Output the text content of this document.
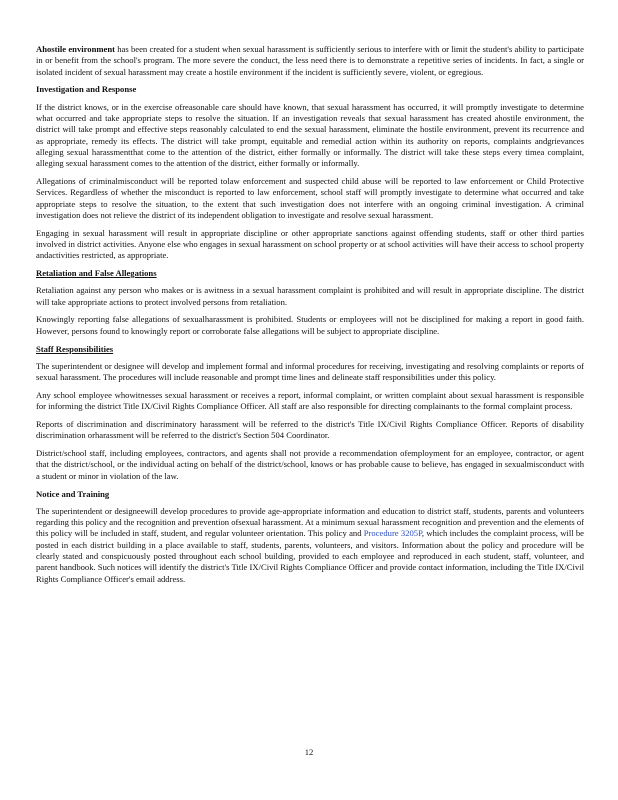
Ahostile environment has been created for a student when sexual harassment is sufficiently serious to interfere with or limit the student's ability to participate in or benefit from the school's program. The more severe the conduct, the less need there is to demonstrate a repetitive series of incidents. In fact, a single or isolated incident of sexual harassment may create a hostile environment if the incident is sufficiently severe, violent, or egregious.

Investigation and Response

If the district knows, or in the exercise ofreasonable care should have known, that sexual harassment has occurred, it will promptly investigate to determine what occurred and take appropriate steps to resolve the situation. If an investigation reveals that sexual harassment has created ahostile environment, the district will take prompt and effective steps reasonably calculated to end the sexual harassment, eliminate the hostile environment, prevent its recurrence and as appropriate, remedy its effects. The district will take prompt, equitable and remedial action within its authority on reports, complaints andgrievances alleging sexual harassmentthat come to the attention of the district, either formally or informally. The district will take these steps every timea complaint, alleging sexual harassment comes to the attention of the district, either formally or informally.

Allegations of criminalmisconduct will be reported tolaw enforcement and suspected child abuse will be reported to law enforcement or Child Protective Services. Regardless of whether the misconduct is reported to law enforcement, school staff will promptly investigate to determine what occurred and take appropriate steps to resolve the situation, to the extent that such investigation does not interfere with an ongoing criminal investigation. A criminal investigation does not relieve the district of its independent obligation to investigate and resolve sexual harassment.

Engaging in sexual harassment will result in appropriate discipline or other appropriate sanctions against offending students, staff or other third parties involved in district activities. Anyone else who engages in sexual harassment on school property or at school activities will have their access to school property andactivities restricted, as appropriate.

Retaliation and False Allegations

Retaliation against any person who makes or is awitness in a sexual harassment complaint is prohibited and will result in appropriate discipline. The district will take appropriate actions to protect involved persons from retaliation.

Knowingly reporting false allegations of sexualharassment is prohibited. Students or employees will not be disciplined for making a report in good faith. However, persons found to knowingly report or corroborate false allegations will be subject to appropriate discipline.

Staff Responsibilities

The superintendent or designee will develop and implement formal and informal procedures for receiving, investigating and resolving complaints or reports of sexual harassment. The procedures will include reasonable and prompt time lines and delineate staff responsibilities under this policy.

Any school employee whowitnesses sexual harassment or receives a report, informal complaint, or written complaint about sexual harassment is responsible for informing the district Title IX/Civil Rights Compliance Officer. All staff are also responsible for directing complainants to the formal complaint process.

Reports of discrimination and discriminatory harassment will be referred to the district's Title IX/Civil Rights Compliance Officer. Reports of disability discrimination orharassment will be referred to the district's Section 504 Coordinator.

District/school staff, including employees, contractors, and agents shall not provide a recommendation ofemployment for an employee, contractor, or agent that the district/school, or the individual acting on behalf of the district/school, knows or has probable cause to believe, has engaged in sexualmisconduct with a student or minor in violation of the law.

Notice and Training

The superintendent or designeewill develop procedures to provide age-appropriate information and education to district staff, students, parents and volunteers regarding this policy and the recognition and prevention ofsexual harassment. At a minimum sexual harassment recognition and prevention and the elements of this policy will be included in staff, student, and regular volunteer orientation. This policy and Procedure 3205P, which includes the complaint process, will be posted in each district building in a place available to staff, students, parents, volunteers, and visitors. Information about the policy and procedure will be clearly stated and conspicuously posted throughout each school building, provided to each employee and reproduced in each student, staff, volunteer, and parent handbook. Such notices will identify the district's Title IX/Civil Rights Compliance Officer and provide contact information, including the Title IX/Civil Rights Compliance Officer's email address.

12
